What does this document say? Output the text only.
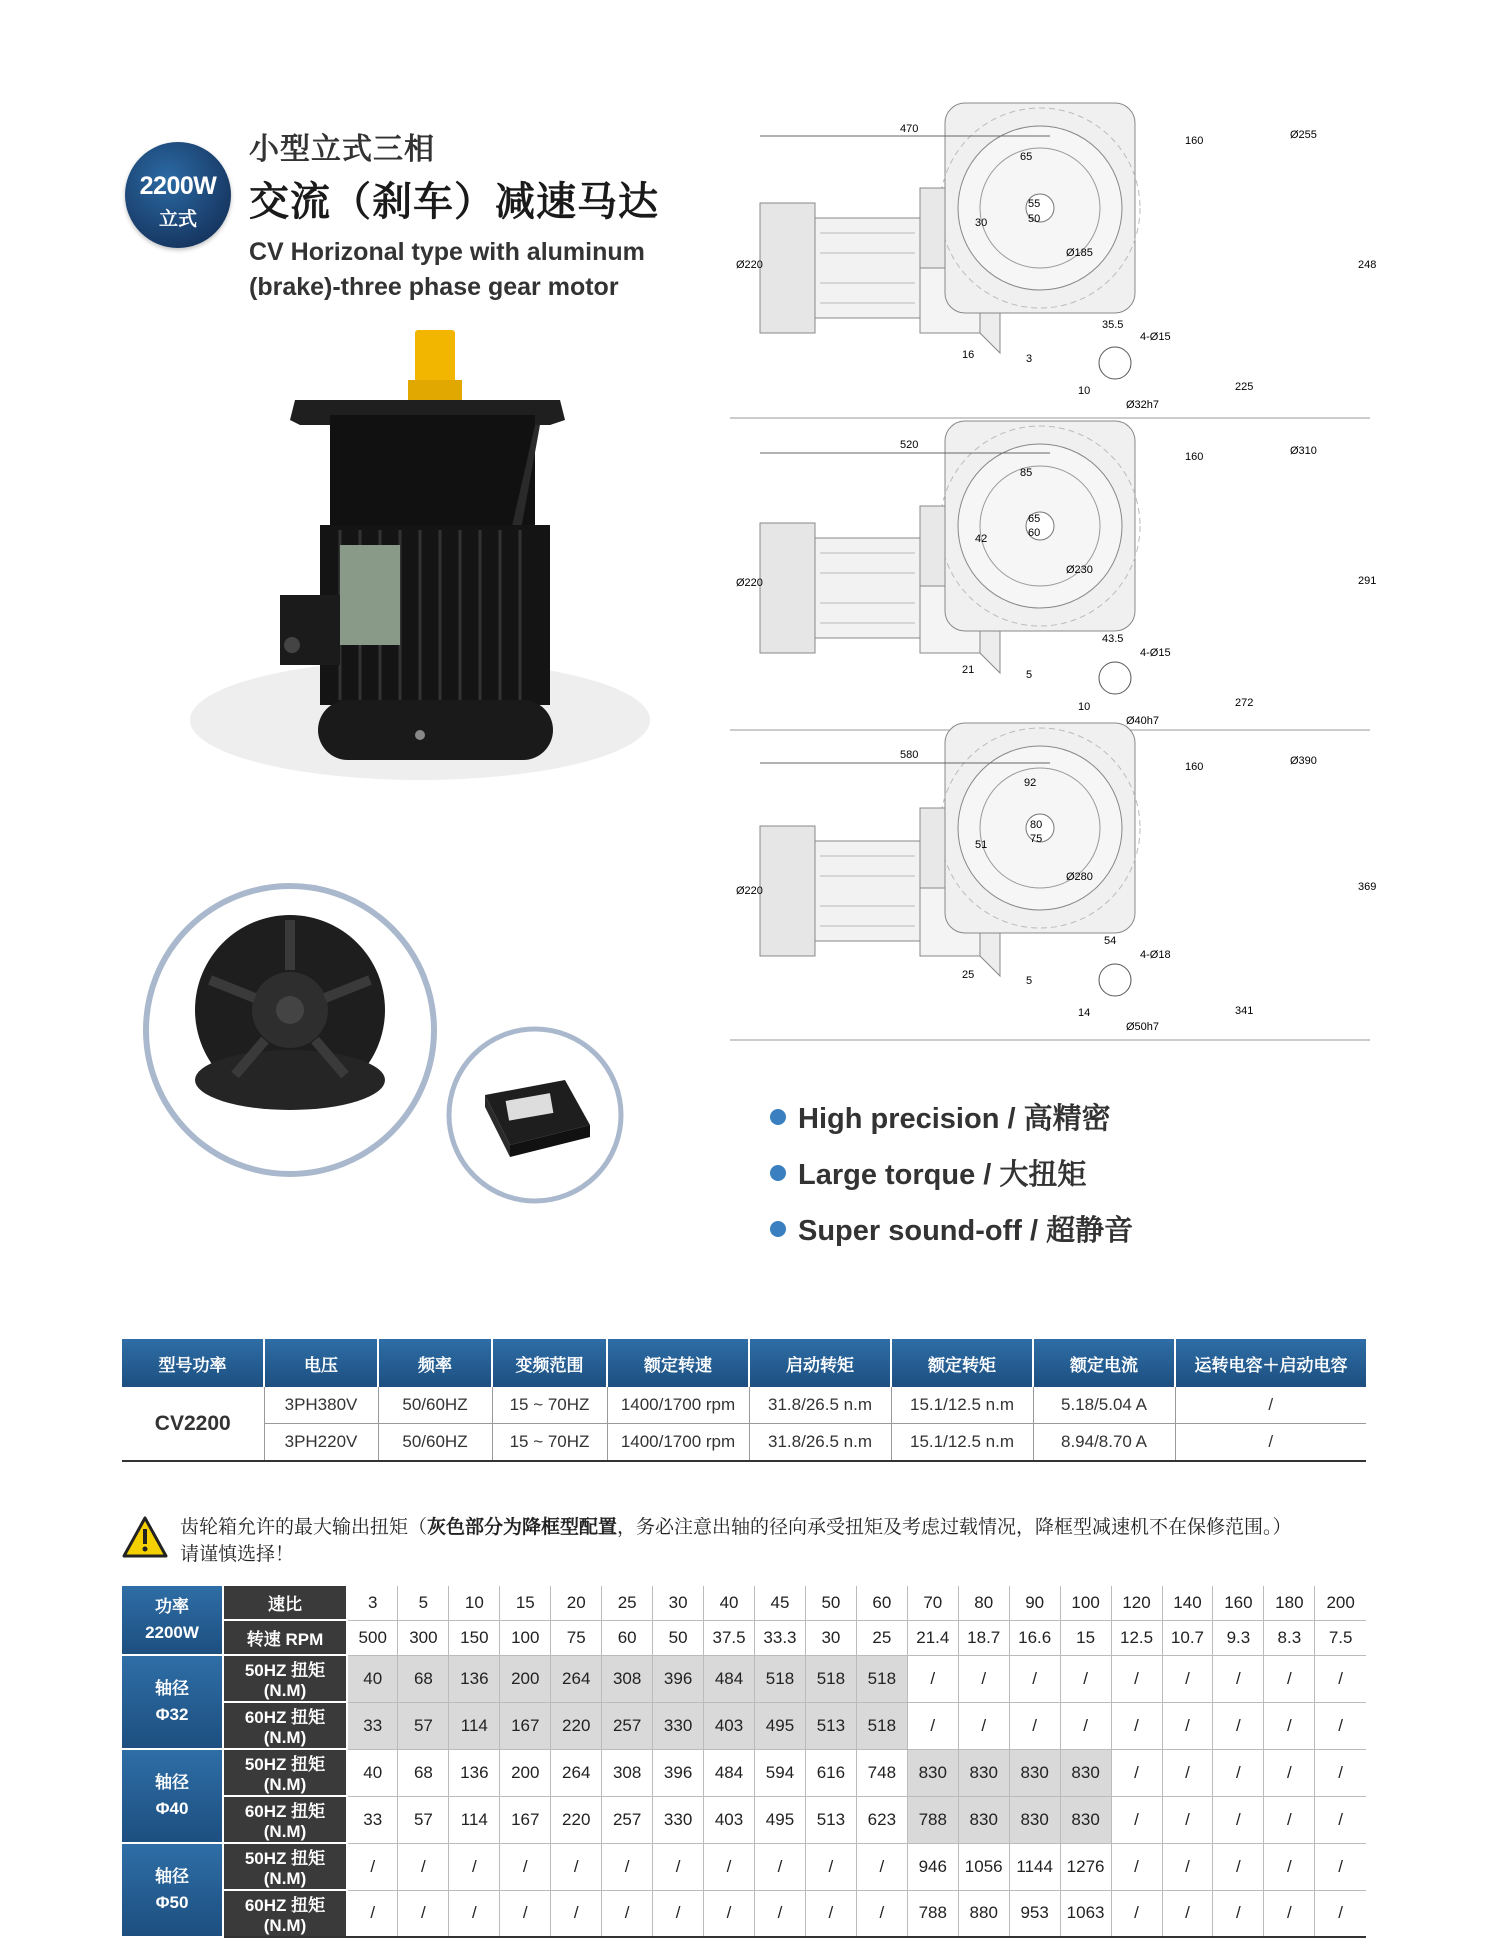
2200W
立式
小型立式三相
交流（刹车）减速马达
CV Horizonal type with aluminum
(brake)-three phase gear motor
470
65
55
50
30
Ø185
Ø220
16	3
35.5
10
Ø32h7
160	Ø255
248
4-Ø15
225
520
85
65
60
42
Ø230
Ø220
21	5
43.5
10
Ø40h7
160	Ø310
291
4-Ø15
272
580
92
80
75
51
Ø280
Ø220
25	5
54
14
Ø50h7
160	Ø390
369
4-Ø18
341
High precision / 高精密
Large torque / 大扭矩
Super sound-off / 超静音
型号功率	电压	频率	变频范围	额定转速	启动转矩	额定转矩	额定电流	运转电容＋启动电容
CV2200	3PH380V	50/60HZ	15 ~ 70HZ	1400/1700 rpm	31.8/26.5 n.m	15.1/12.5 n.m	5.18/5.04 A	/
	3PH220V	50/60HZ	15 ~ 70HZ	1400/1700 rpm	31.8/26.5 n.m	15.1/12.5 n.m	8.94/8.70 A	/
齿轮箱允许的最大输出扭矩（灰色部分为降框型配置，务必注意出轴的径向承受扭矩及考虑过载情况，降框型减速机不在保修范围。）
请谨慎选择！
功率
2200W	速比	3	5	10	15	20	25	30	40	45	50	60	70	80	90	100	120	140	160	180	200
	转速 RPM	500	300	150	100	75	60	50	37.5	33.3	30	25	21.4	18.7	16.6	15	12.5	10.7	9.3	8.3	7.5

轴径
Φ32	50HZ 扭矩 (N.M)	40	68	136	200	264	308	396	484	518	518	518	/	/	/	/	/	/	/	/	/
	60HZ 扭矩 (N.M)	33	57	114	167	220	257	330	403	495	513	518	/	/	/	/	/	/	/	/	/

轴径
Φ40	50HZ 扭矩 (N.M)	40	68	136	200	264	308	396	484	594	616	748	830	830	830	830	/	/	/	/	/
	60HZ 扭矩 (N.M)	33	57	114	167	220	257	330	403	495	513	623	788	830	830	830	/	/	/	/	/

轴径
Φ50	50HZ 扭矩 (N.M)	/	/	/	/	/	/	/	/	/	/	/	946	1056	1144	1276	/	/	/	/	/
	60HZ 扭矩 (N.M)	/	/	/	/	/	/	/	/	/	/	/	788	880	953	1063	/	/	/	/	/
